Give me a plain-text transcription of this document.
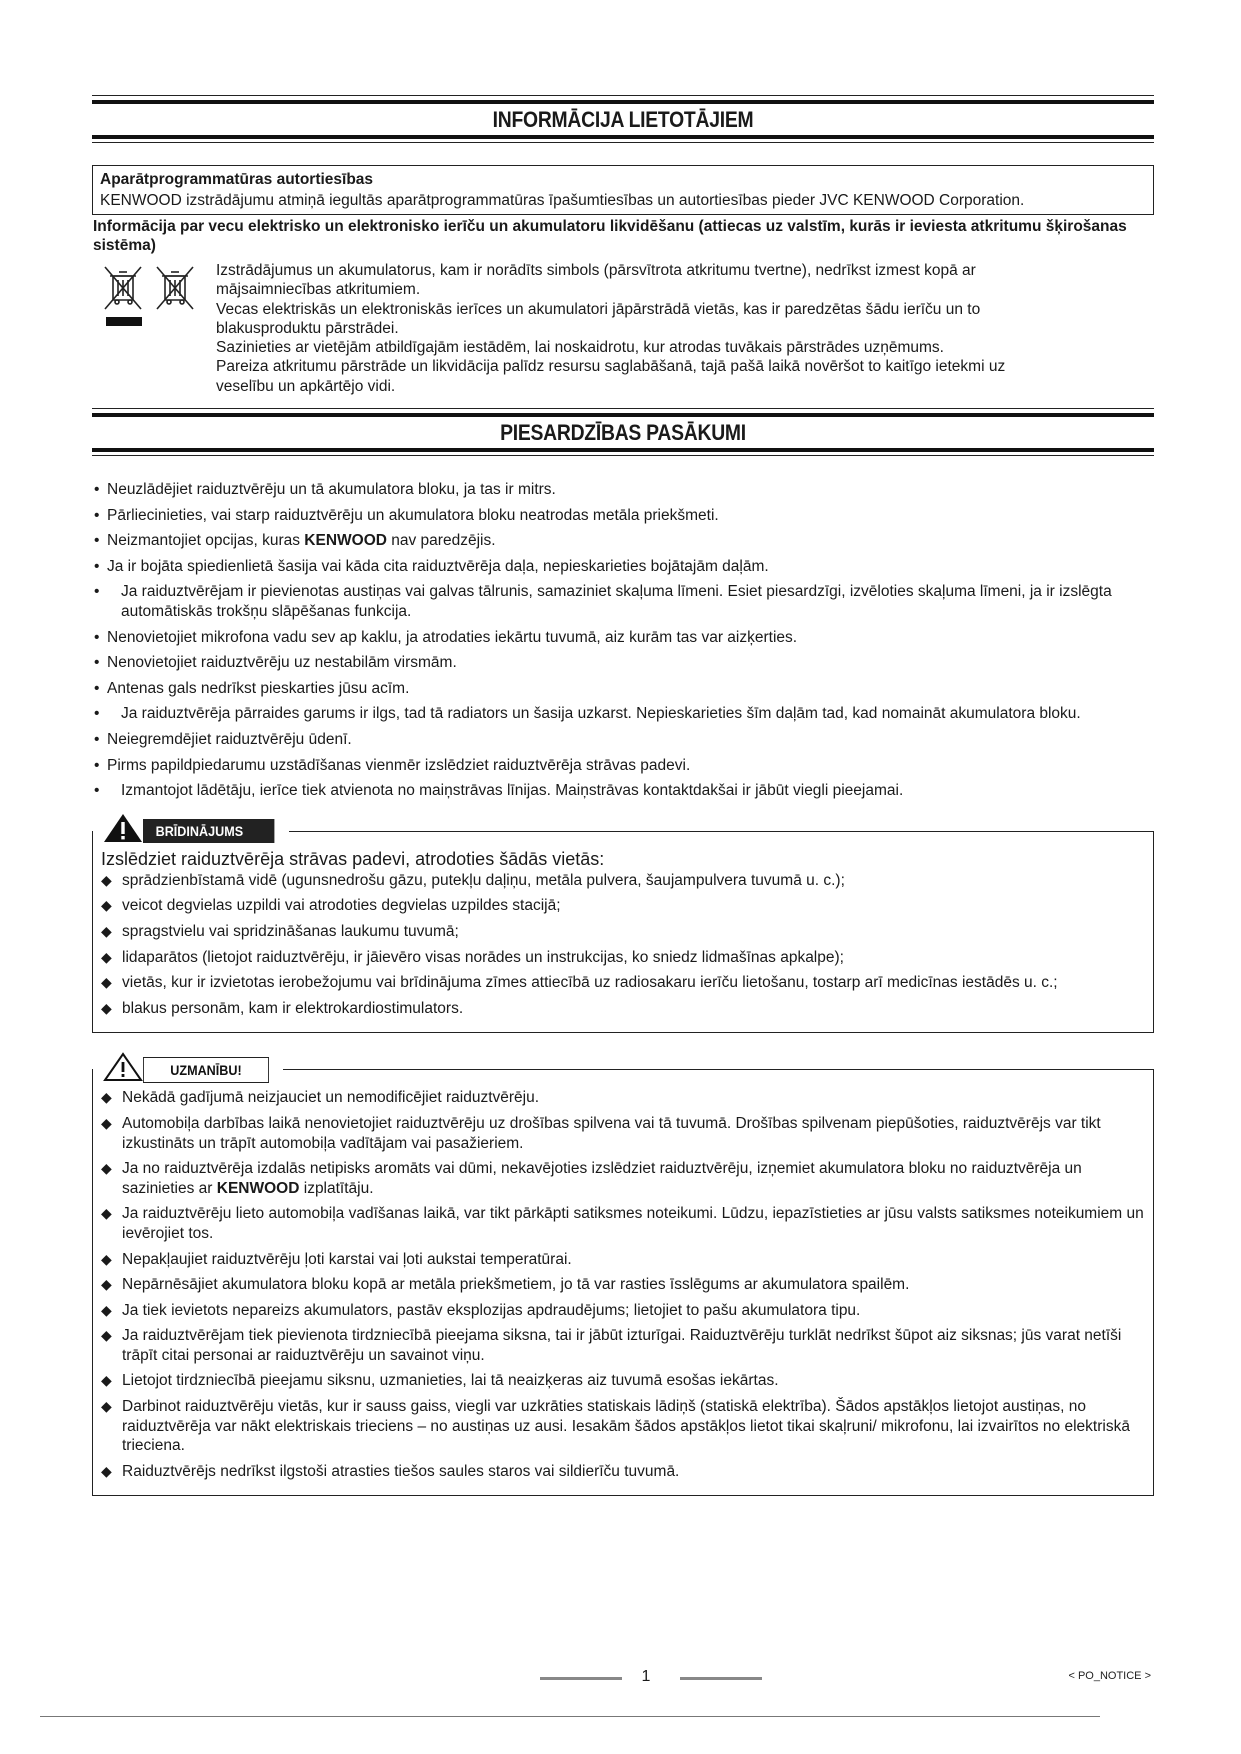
INFORMĀCIJA LIETOTĀJIEM
Aparātprogrammatūras autortiesības
KENWOOD izstrādājumu atmiņā iegultās aparātprogrammatūras īpašumtiesības un autortiesības pieder JVC KENWOOD Corporation.
Informācija par vecu elektrisko un elektronisko ierīču un akumulatoru likvidēšanu (attiecas uz valstīm, kurās ir ieviesta atkritumu šķirošanas sistēma)

Izstrādājumus un akumulatorus, kam ir norādīts simbols (pārsvītrota atkritumu tvertne), nedrīkst izmest kopā ar

mājsaimniecības atkritumiem.

Vecas elektriskās un elektroniskās ierīces un akumulatori jāpārstrādā vietās, kas ir paredzētas šādu ierīču un to

blakusproduktu pārstrādei.

Sazinieties ar vietējām atbildīgajām iestādēm, lai noskaidrotu, kur atrodas tuvākais pārstrādes uzņēmums.

Pareiza atkritumu pārstrāde un likvidācija palīdz resursu saglabāšanā, tajā pašā laikā novēršot to kaitīgo ietekmi uz

veselību un apkārtējo vidi.

PIESARDZĪBAS PASĀKUMI
• Neuzlādējiet raiduztvērēju un tā akumulatora bloku, ja tas ir mitrs.
• Pārliecinieties, vai starp raiduztvērēju un akumulatora bloku neatrodas metāla priekšmeti.
• Neizmantojiet opcijas, kuras KENWOOD nav paredzējis.
• Ja ir bojāta spiedienlietā šasija vai kāda cita raiduztvērēja daļa, nepieskarieties bojātajām daļām.
• Ja raiduztvērējam ir pievienotas austiņas vai galvas tālrunis, samaziniet skaļuma līmeni. Esiet piesardzīgi, izvēloties skaļuma līmeni, ja ir izslēgta automātiskās trokšņu slāpēšanas funkcija.
• Nenovietojiet mikrofona vadu sev ap kaklu, ja atrodaties iekārtu tuvumā, aiz kurām tas var aizķerties.
• Nenovietojiet raiduztvērēju uz nestabilām virsmām.
• Antenas gals nedrīkst pieskarties jūsu acīm.
• Ja raiduztvērēja pārraides garums ir ilgs, tad tā radiators un šasija uzkarst. Nepieskarieties šīm daļām tad, kad nomaināt akumulatora bloku.
• Neiegremdējiet raiduztvērēju ūdenī.
• Pirms papildpiedarumu uzstādīšanas vienmēr izslēdziet raiduztvērēja strāvas padevi.
• Izmantojot lādētāju, ierīce tiek atvienota no maiņstrāvas līnijas. Maiņstrāvas kontaktdakšai ir jābūt viegli pieejamai.
BRĪDINĀJUMS
Izslēdziet raiduztvērēja strāvas padevi, atrodoties šādās vietās:
◆ sprādzienbīstamā vidē (ugunsnedrošu gāzu, putekļu daļiņu, metāla pulvera, šaujampulvera tuvumā u. c.);
◆ veicot degvielas uzpildi vai atrodoties degvielas uzpildes stacijā;
◆ spragstvielu vai spridzināšanas laukumu tuvumā;
◆ lidaparātos (lietojot raiduztvērēju, ir jāievēro visas norādes un instrukcijas, ko sniedz lidmašīnas apkalpe);
◆ vietās, kur ir izvietotas ierobežojumu vai brīdinājuma zīmes attiecībā uz radiosakaru ierīču lietošanu, tostarp arī medicīnas iestādēs u. c.;
◆ blakus personām, kam ir elektrokardiostimulators.
UZMANĪBU!
◆ Nekādā gadījumā neizjauciet un nemodificējiet raiduztvērēju.
◆ Automobiļa darbības laikā nenovietojiet raiduztvērēju uz drošības spilvena vai tā tuvumā. Drošības spilvenam piepūšoties, raiduztvērējs var tikt izkustināts un trāpīt automobiļa vadītājam vai pasažieriem.
◆ Ja no raiduztvērēja izdalās netipisks aromāts vai dūmi, nekavējoties izslēdziet raiduztvērēju, izņemiet akumulatora bloku no raiduztvērēja un sazinieties ar KENWOOD izplatītāju.
◆ Ja raiduztvērēju lieto automobiļa vadīšanas laikā, var tikt pārkāpti satiksmes noteikumi. Lūdzu, iepazīstieties ar jūsu valsts satiksmes noteikumiem un ievērojiet tos.
◆ Nepakļaujiet raiduztvērēju ļoti karstai vai ļoti aukstai temperatūrai.
◆ Nepārnēsājiet akumulatora bloku kopā ar metāla priekšmetiem, jo tā var rasties īsslēgums ar akumulatora spailēm.
◆ Ja tiek ievietots nepareizs akumulators, pastāv eksplozijas apdraudējums; lietojiet to pašu akumulatora tipu.
◆ Ja raiduztvērējam tiek pievienota tirdzniecībā pieejama siksna, tai ir jābūt izturīgai. Raiduztvērēju turklāt nedrīkst šūpot aiz siksnas; jūs varat netīši trāpīt citai personai ar raiduztvērēju un savainot viņu.
◆ Lietojot tirdzniecībā pieejamu siksnu, uzmanieties, lai tā neaizķeras aiz tuvumā esošas iekārtas.
◆ Darbinot raiduztvērēju vietās, kur ir sauss gaiss, viegli var uzkrāties statiskais lādiņš (statiskā elektrība). Šādos apstākļos lietojot austiņas, no raiduztvērēja var nākt elektriskais trieciens – no austiņas uz ausi. Iesakām šādos apstākļos lietot tikai skaļruni/ mikrofonu, lai izvairītos no elektriskā trieciena.
◆ Raiduztvērējs nedrīkst ilgstoši atrasties tiešos saules staros vai sildierīču tuvumā.
1	< PO_NOTICE >
